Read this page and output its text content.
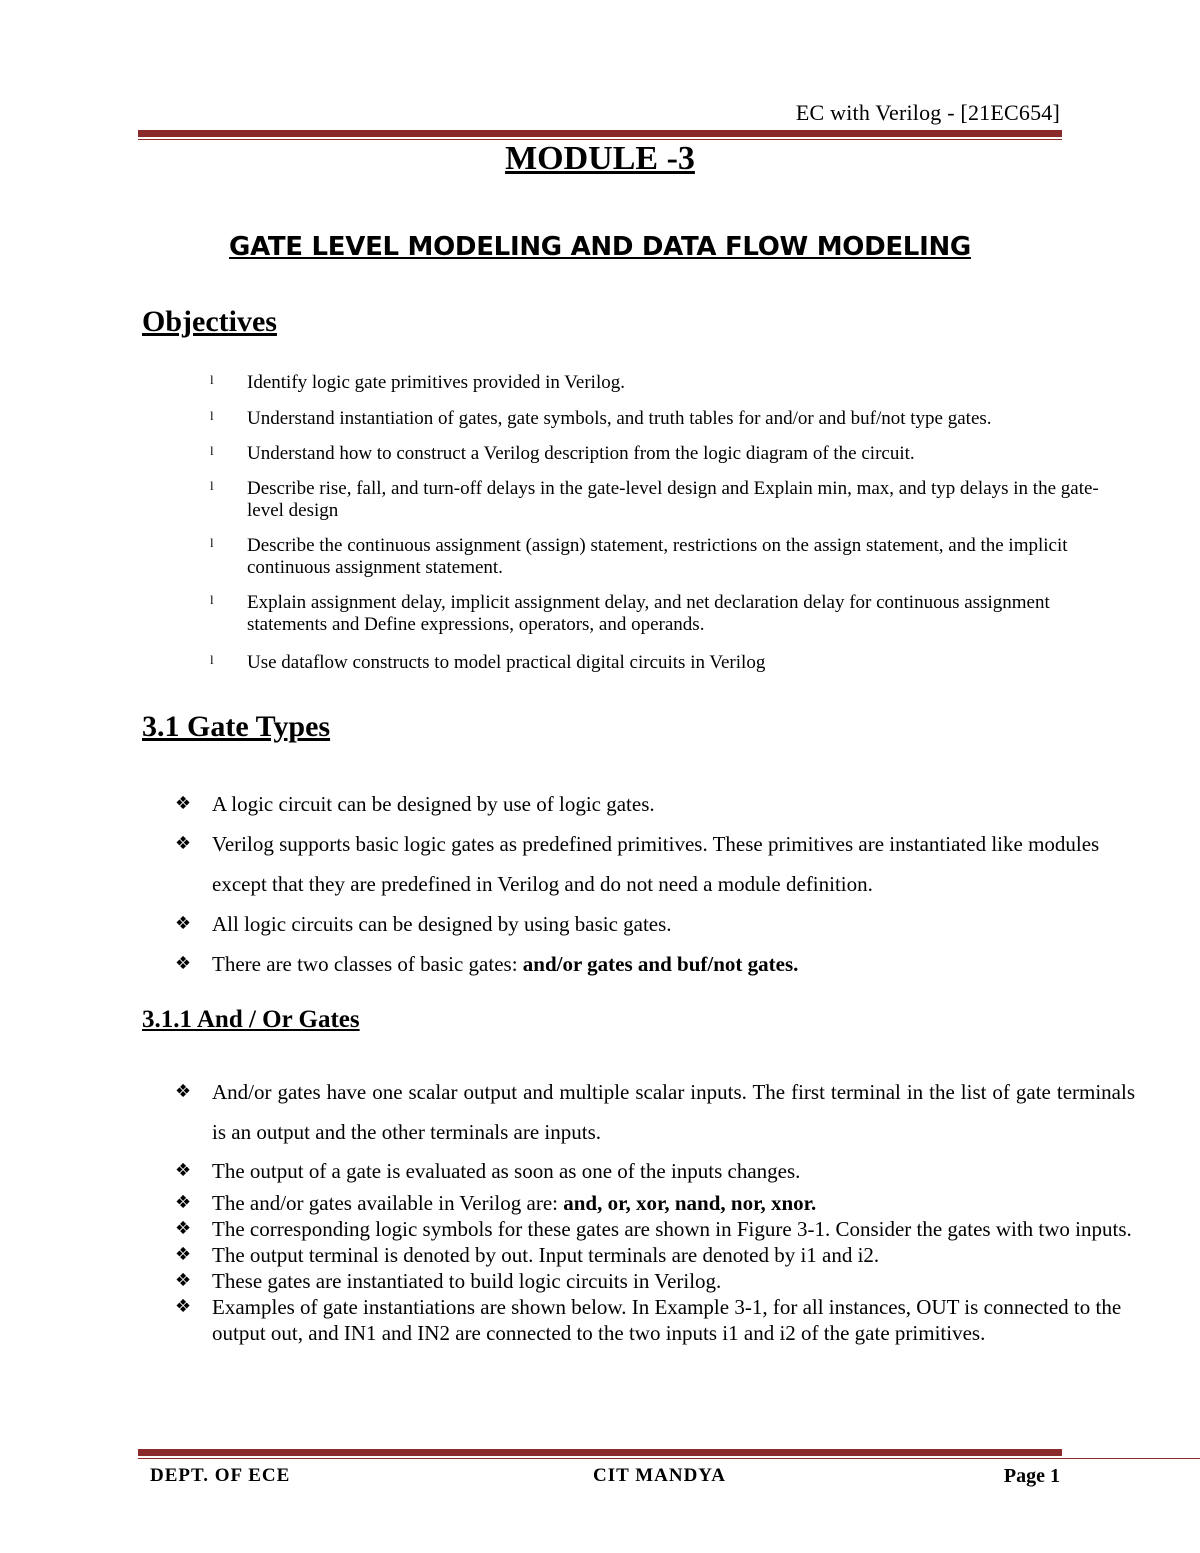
EC with Verilog - [21EC654]
MODULE -3
GATE LEVEL MODELING AND DATA FLOW MODELING
Objectives
l Identify logic gate primitives provided in Verilog.
l Understand instantiation of gates, gate symbols, and truth tables for and/or and buf/not type gates.
l Understand how to construct a Verilog description from the logic diagram of the circuit.
l Describe rise, fall, and turn-off delays in the gate-level design and Explain min, max, and typ delays in the gate-level design
l Describe the continuous assignment (assign) statement, restrictions on the assign statement, and the implicit continuous assignment statement.
l Explain assignment delay, implicit assignment delay, and net declaration delay for continuous assignment statements and Define expressions, operators, and operands.
l Use dataflow constructs to model practical digital circuits in Verilog
3.1 Gate Types
❖ A logic circuit can be designed by use of logic gates.
❖ Verilog supports basic logic gates as predefined primitives. These primitives are instantiated like modules except that they are predefined in Verilog and do not need a module definition.
❖ All logic circuits can be designed by using basic gates.
❖ There are two classes of basic gates: and/or gates and buf/not gates.
3.1.1 And / Or Gates
❖ And/or gates have one scalar output and multiple scalar inputs. The first terminal in the list of gate terminals is an output and the other terminals are inputs.
❖ The output of a gate is evaluated as soon as one of the inputs changes.
❖ The and/or gates available in Verilog are: and, or, xor, nand, nor, xnor.
❖ The corresponding logic symbols for these gates are shown in Figure 3-1. Consider the gates with two inputs.
❖ The output terminal is denoted by out. Input terminals are denoted by i1 and i2.
❖ These gates are instantiated to build logic circuits in Verilog.
❖ Examples of gate instantiations are shown below. In Example 3-1, for all instances, OUT is connected to the output out, and IN1 and IN2 are connected to the two inputs i1 and i2 of the gate primitives.
DEPT. OF ECE	CIT MANDYA	Page 1
